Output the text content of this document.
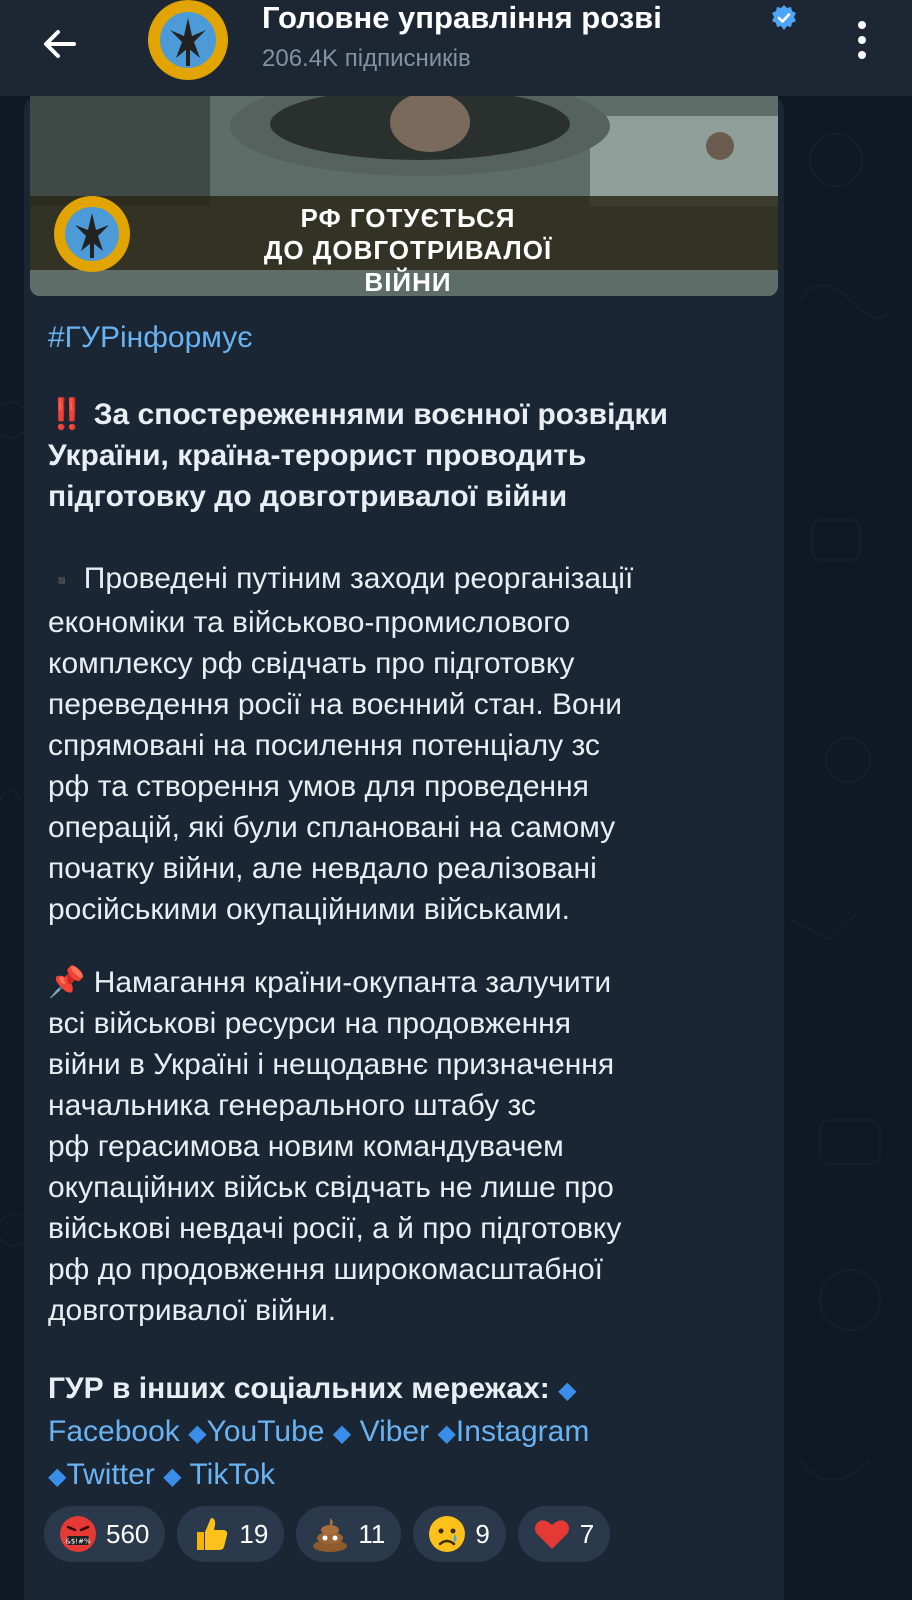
Головне управління розві
206.4K підписників
РФ ГОТУЄТЬСЯ
ДО ДОВГОТРИВАЛОЇ ВІЙНИ
#ГУРінформує
‼️ За спостереженнями воєнної розвідки
України, країна-терорист проводить
підготовку до довготривалої війни
▪️ Проведені путіним заходи реорганізації
економіки та військово-промислового
комплексу рф свідчать про підготовку
переведення росії на воєнний стан. Вони
спрямовані на посилення потенціалу зс
рф та створення умов для проведення
операцій, які були сплановані на самому
початку війни, але невдало реалізовані
російськими окупаційними військами.
📌 Намагання країни-окупанта залучити
всі військові ресурси на продовження
війни в Україні і нещодавнє призначення
начальника генерального штабу зс
рф герасимова новим командувачем
окупаційних військ свідчать не лише про
військові невдачі росії, а й про підготовку
рф до продовження широкомасштабної
довготривалої війни.
ГУР в інших соціальних мережах: ◆
Facebook ◆YouTube ◆ Viber ◆Instagram
◆Twitter ◆ TikTok
&$!#% 560	19	11	9	7
